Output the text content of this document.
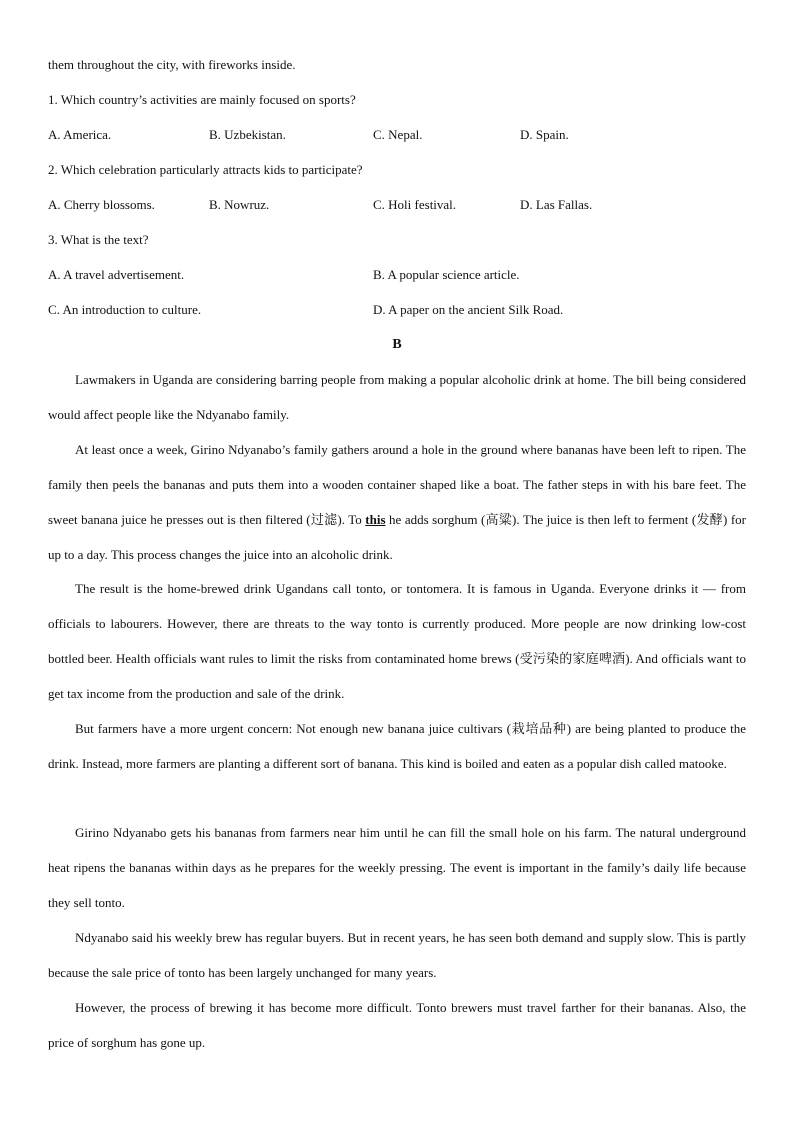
them throughout the city, with fireworks inside.
1. Which country’s activities are mainly focused on sports?
A. America.	B. Uzbekistan.	C. Nepal.	D. Spain.
2. Which celebration particularly attracts kids to participate?
A. Cherry blossoms.	B. Nowruz.	C. Holi festival.	D. Las Fallas.
3. What is the text?
A. A travel advertisement.	B. A popular science article.
C. An introduction to culture.	D. A paper on the ancient Silk Road.
B
Lawmakers in Uganda are considering barring people from making a popular alcoholic drink at home. The bill being considered would affect people like the Ndyanabo family.
At least once a week, Girino Ndyanabo’s family gathers around a hole in the ground where bananas have been left to ripen. The family then peels the bananas and puts them into a wooden container shaped like a boat. The father steps in with his bare feet. The sweet banana juice he presses out is then filtered (过滤). To this he adds sorghum (高粱). The juice is then left to ferment (发酵) for up to a day. This process changes the juice into an alcoholic drink.
The result is the home-brewed drink Ugandans call tonto, or tontomera. It is famous in Uganda. Everyone drinks it — from officials to labourers. However, there are threats to the way tonto is currently produced. More people are now drinking low-cost bottled beer. Health officials want rules to limit the risks from contaminated home brews (受污染的家庭啤酒). And officials want to get tax income from the production and sale of the drink.
But farmers have a more urgent concern: Not enough new banana juice cultivars (栽培品种) are being planted to produce the drink. Instead, more farmers are planting a different sort of banana. This kind is boiled and eaten as a popular dish called matooke.
Girino Ndyanabo gets his bananas from farmers near him until he can fill the small hole on his farm. The natural underground heat ripens the bananas within days as he prepares for the weekly pressing. The event is important in the family’s daily life because they sell tonto.
Ndyanabo said his weekly brew has regular buyers. But in recent years, he has seen both demand and supply slow. This is partly because the sale price of tonto has been largely unchanged for many years.
However, the process of brewing it has become more difficult. Tonto brewers must travel farther for their bananas. Also, the price of sorghum has gone up.
